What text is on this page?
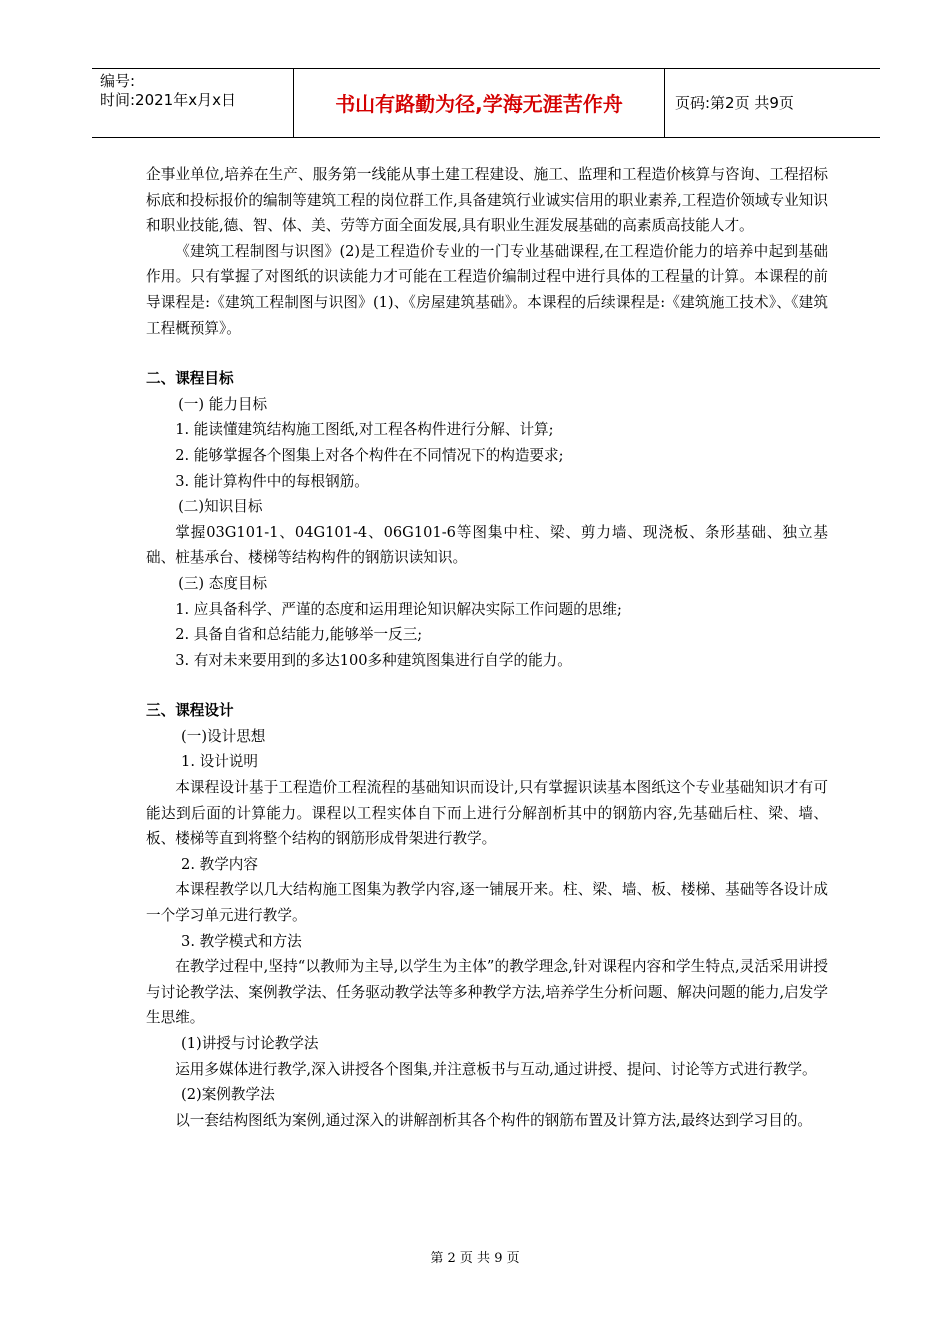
编号:
时间:2021年x月x日	书山有路勤为径,学海无涯苦作舟	页码:第2页 共9页

企事业单位,培养在生产、服务第一线能从事土建工程建设、施工、监理和工程造价核算与咨询、工程招标标底和投标报价的编制等建筑工程的岗位群工作,具备建筑行业诚实信用的职业素养,工程造价领域专业知识和职业技能,德、智、体、美、劳等方面全面发展,具有职业生涯发展基础的高素质高技能人才。

《建筑工程制图与识图》(2)是工程造价专业的一门专业基础课程,在工程造价能力的培养中起到基础作用。只有掌握了对图纸的识读能力才可能在工程造价编制过程中进行具体的工程量的计算。本课程的前导课程是:《建筑工程制图与识图》(1)、《房屋建筑基础》。本课程的后续课程是:《建筑施工技术》、《建筑工程概预算》。

二、课程目标

(一) 能力目标

1. 能读懂建筑结构施工图纸,对工程各构件进行分解、计算;

2. 能够掌握各个图集上对各个构件在不同情况下的构造要求;

3. 能计算构件中的每根钢筋。

(二)知识目标

掌握03G101-1、04G101-4、06G101-6等图集中柱、梁、剪力墙、现浇板、条形基础、独立基础、桩基承台、楼梯等结构构件的钢筋识读知识。

(三) 态度目标

1. 应具备科学、严谨的态度和运用理论知识解决实际工作问题的思维;

2. 具备自省和总结能力,能够举一反三;

3. 有对未来要用到的多达100多种建筑图集进行自学的能力。

三、课程设计

(一)设计思想

1. 设计说明

本课程设计基于工程造价工程流程的基础知识而设计,只有掌握识读基本图纸这个专业基础知识才有可能达到后面的计算能力。课程以工程实体自下而上进行分解剖析其中的钢筋内容,先基础后柱、梁、墙、板、楼梯等直到将整个结构的钢筋形成骨架进行教学。

2. 教学内容

本课程教学以几大结构施工图集为教学内容,逐一铺展开来。柱、梁、墙、板、楼梯、基础等各设计成一个学习单元进行教学。

3. 教学模式和方法

在教学过程中,坚持“以教师为主导,以学生为主体”的教学理念,针对课程内容和学生特点,灵活采用讲授与讨论教学法、案例教学法、任务驱动教学法等多种教学方法,培养学生分析问题、解决问题的能力,启发学生思维。

(1)讲授与讨论教学法

运用多媒体进行教学,深入讲授各个图集,并注意板书与互动,通过讲授、提问、讨论等方式进行教学。

(2)案例教学法

以一套结构图纸为案例,通过深入的讲解剖析其各个构件的钢筋布置及计算方法,最终达到学习目的。

第 2 页 共 9 页
